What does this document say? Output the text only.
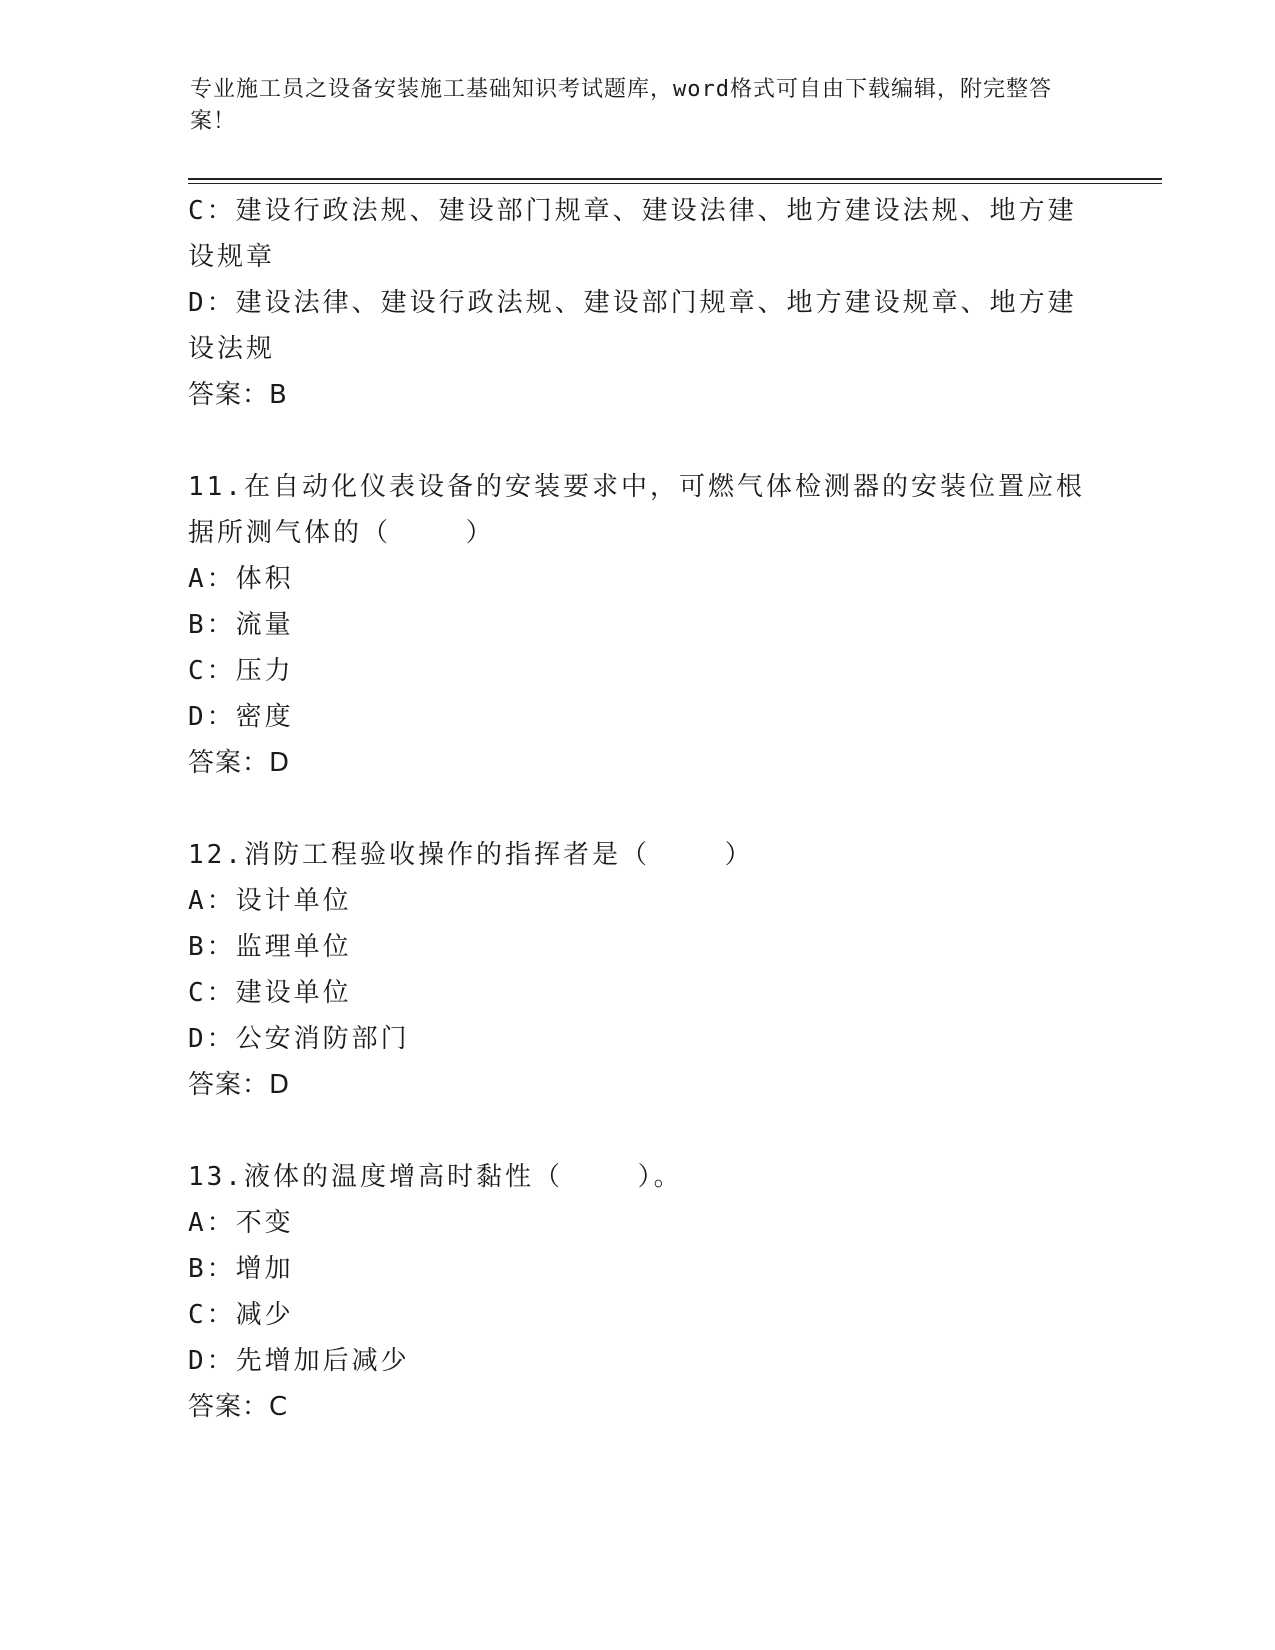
专业施工员之设备安装施工基础知识考试题库，word格式可自由下载编辑，附完整答案！
C：建设行政法规、建设部门规章、建设法律、地方建设法规、地方建设规章
D：建设法律、建设行政法规、建设部门规章、地方建设规章、地方建设法规
答案：B
11.在自动化仪表设备的安装要求中，可燃气体检测器的安装位置应根据所测气体的（    ）
A：体积
B：流量
C：压力
D：密度
答案：D
12.消防工程验收操作的指挥者是（    ）
A：设计单位
B：监理单位
C：建设单位
D：公安消防部门
答案：D
13.液体的温度增高时黏性（    ）。
A：不变
B：增加
C：减少
D：先增加后减少
答案：C
